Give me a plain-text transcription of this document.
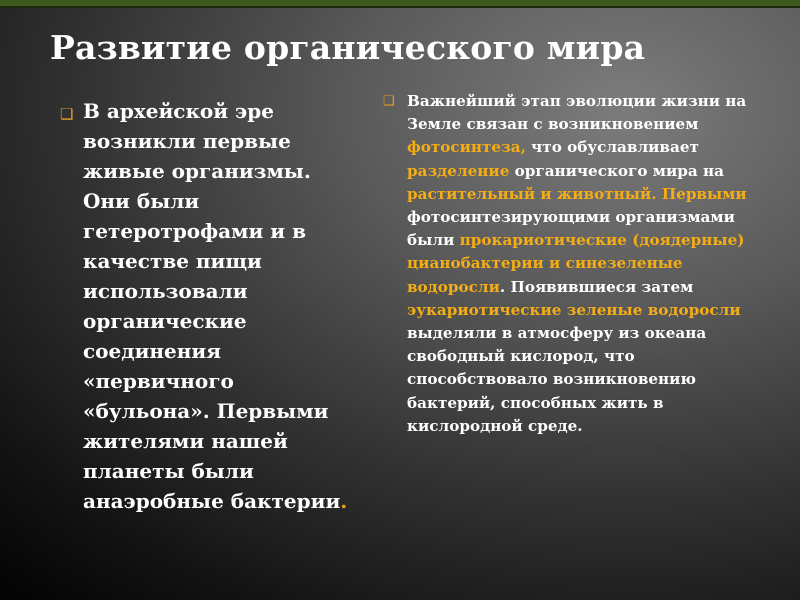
Развитие органического мира
❑ В архейской эре возникли первые живые организмы. Они были гетеротрофами и в качестве пищи использовали органические соединения «первичного «бульона». Первыми жителями нашей планеты были анаэробные бактерии.
❑ Важнейший этап эволюции жизни на Земле связан с возникновением фотосинтеза, что обуславливает разделение органического мира на растительный и животный. Первыми фотосинтезирующими организмами были прокариотические (доядерные) цианобактерии и синезеленые водоросли. Появившиеся затем эукариотические зеленые водоросли выделяли в атмосферу из океана свободный кислород, что способствовало возникновению бактерий, способных жить в кислородной среде.
